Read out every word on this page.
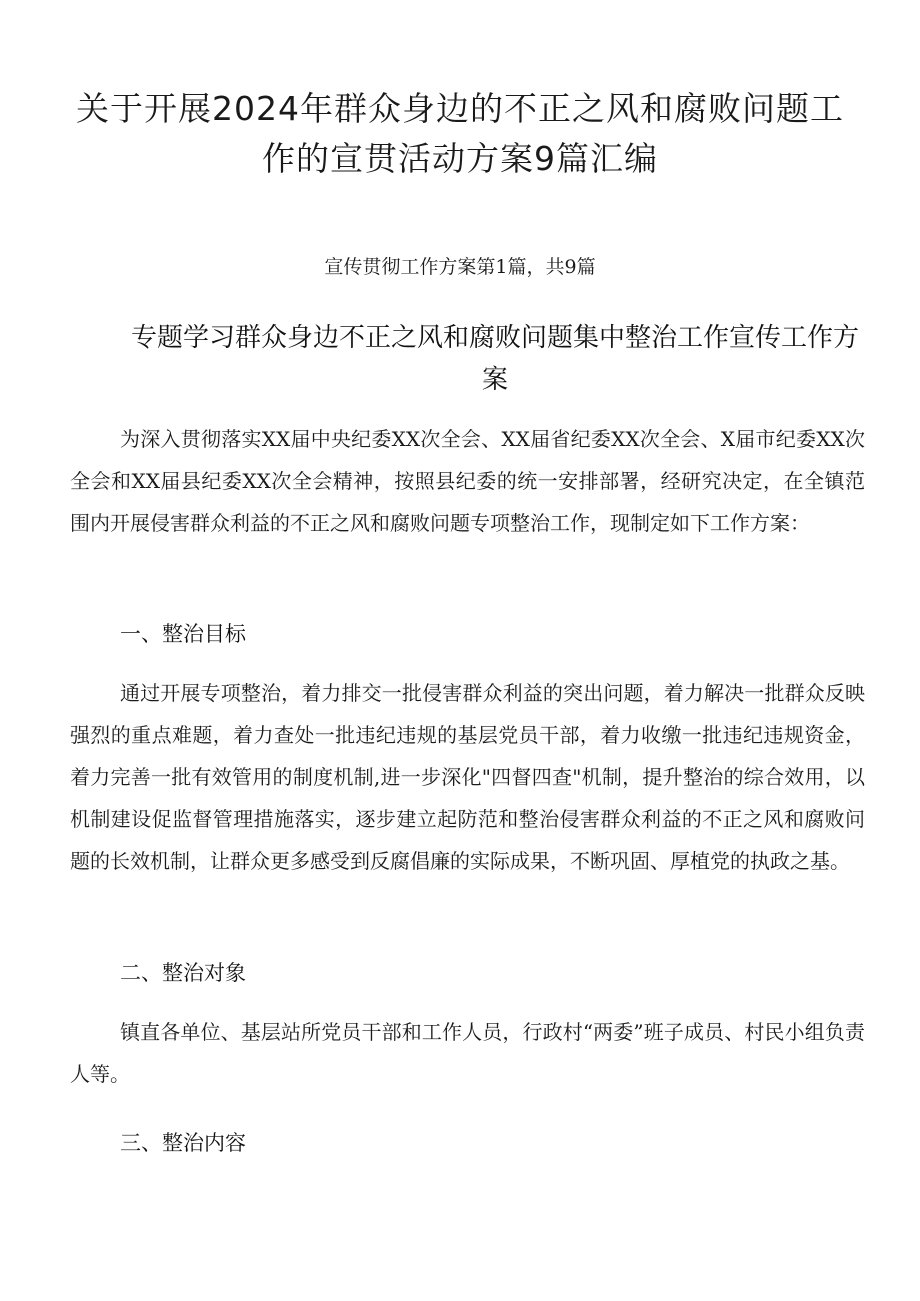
关于开展2024年群众身边的不正之风和腐败问题工作的宣贯活动方案9篇汇编
宣传贯彻工作方案第1篇，共9篇
专题学习群众身边不正之风和腐败问题集中整治工作宣传工作方案

为深入贯彻落实XX届中央纪委XX次全会、XX届省纪委XX次全会、X届市纪委XX次全会和XX届县纪委XX次全会精神，按照县纪委的统一安排部署，经研究决定，在全镇范围内开展侵害群众利益的不正之风和腐败问题专项整治工作，现制定如下工作方案：

一、整治目标

通过开展专项整治，着力排交一批侵害群众利益的突出问题，着力解决一批群众反映强烈的重点难题，着力查处一批违纪违规的基层党员干部，着力收缴一批违纪违规资金，着力完善一批有效管用的制度机制,进一步深化"四督四查"机制，提升整治的综合效用，以机制建设促监督管理措施落实，逐步建立起防范和整治侵害群众利益的不正之风和腐败问题的长效机制，让群众更多感受到反腐倡廉的实际成果，不断巩固、厚植党的执政之基。

二、整治对象

镇直各单位、基层站所党员干部和工作人员，行政村“两委”班子成员、村民小组负责人等。

三、整治内容
